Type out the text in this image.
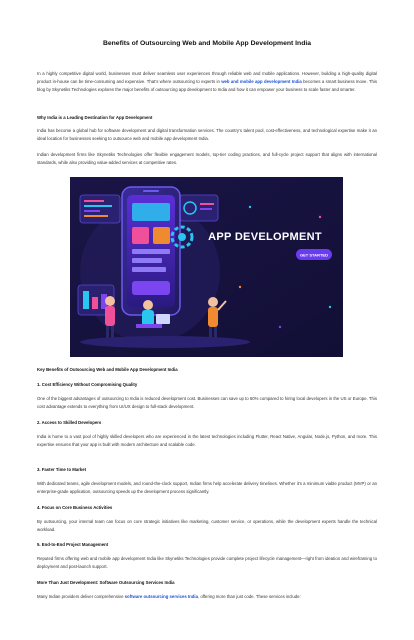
Benefits of Outsourcing Web and Mobile App Development India

In a highly competitive digital world, businesses must deliver seamless user experiences through reliable web and mobile applications. However, building a high-quality digital product in-house can be time-consuming and expensive. That’s where outsourcing to experts in web and mobile app development India becomes a smart business move. This blog by Skynetiks Technologies explores the major benefits of outsourcing app development to India and how it can empower your business to scale faster and smarter.

Why India is a Leading Destination for App Development

India has become a global hub for software development and digital transformation services. The country’s talent pool, cost-effectiveness, and technological expertise make it an ideal location for businesses seeking to outsource web and mobile app development India.

Indian development firms like Skynetiks Technologies offer flexible engagement models, top-tier coding practices, and full-cycle project support that aligns with international standards, while also providing value-added services at competitive rates.

Key Benefits of Outsourcing Web and Mobile App Development India

1. Cost Efficiency Without Compromising Quality

One of the biggest advantages of outsourcing to India is reduced development cost. Businesses can save up to 60% compared to hiring local developers in the US or Europe. This cost advantage extends to everything from UI/UX design to full-stack development.

2. Access to Skilled Developers

India is home to a vast pool of highly skilled developers who are experienced in the latest technologies including Flutter, React Native, Angular, Node.js, Python, and more. This expertise ensures that your app is built with modern architecture and scalable code.

3. Faster Time to Market

With dedicated teams, agile development models, and round-the-clock support, Indian firms help accelerate delivery timelines. Whether it’s a minimum viable product (MVP) or an enterprise-grade application, outsourcing speeds up the development process significantly.

4. Focus on Core Business Activities

By outsourcing, your internal team can focus on core strategic initiatives like marketing, customer service, or operations, while the development experts handle the technical workload.

5. End-to-End Project Management

Reputed firms offering web and mobile app development India like Skynetiks Technologies provide complete project lifecycle management—right from ideation and wireframing to deployment and post-launch support.

More Than Just Development: Software Outsourcing Services India

Many Indian providers deliver comprehensive software outsourcing services India, offering more than just code. These services include:

APP DEVELOPMENT
GET STARTED
